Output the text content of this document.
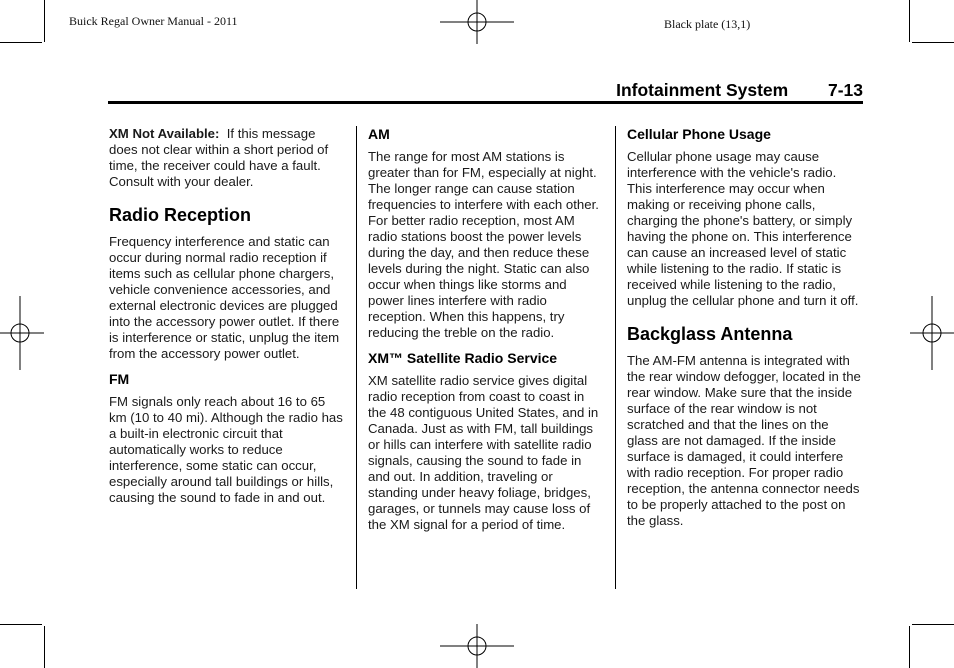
Buick Regal Owner Manual - 2011	Black plate (13,1)
Infotainment System 7-13

XM Not Available: If this message does not clear within a short period of time, the receiver could have a fault. Consult with your dealer.

Radio Reception

Frequency interference and static can occur during normal radio reception if items such as cellular phone chargers, vehicle convenience accessories, and external electronic devices are plugged into the accessory power outlet. If there is interference or static, unplug the item from the accessory power outlet.

FM

FM signals only reach about 16 to 65 km (10 to 40 mi). Although the radio has a built-in electronic circuit that automatically works to reduce interference, some static can occur, especially around tall buildings or hills, causing the sound to fade in and out.

AM

The range for most AM stations is greater than for FM, especially at night. The longer range can cause station frequencies to interfere with each other. For better radio reception, most AM radio stations boost the power levels during the day, and then reduce these levels during the night. Static can also occur when things like storms and power lines interfere with radio reception. When this happens, try reducing the treble on the radio.

XM™ Satellite Radio Service

XM satellite radio service gives digital radio reception from coast to coast in the 48 contiguous United States, and in Canada. Just as with FM, tall buildings or hills can interfere with satellite radio signals, causing the sound to fade in and out. In addition, traveling or standing under heavy foliage, bridges, garages, or tunnels may cause loss of the XM signal for a period of time.

Cellular Phone Usage

Cellular phone usage may cause interference with the vehicle's radio. This interference may occur when making or receiving phone calls, charging the phone's battery, or simply having the phone on. This interference can cause an increased level of static while listening to the radio. If static is received while listening to the radio, unplug the cellular phone and turn it off.

Backglass Antenna

The AM-FM antenna is integrated with the rear window defogger, located in the rear window. Make sure that the inside surface of the rear window is not scratched and that the lines on the glass are not damaged. If the inside surface is damaged, it could interfere with radio reception. For proper radio reception, the antenna connector needs to be properly attached to the post on the glass.
